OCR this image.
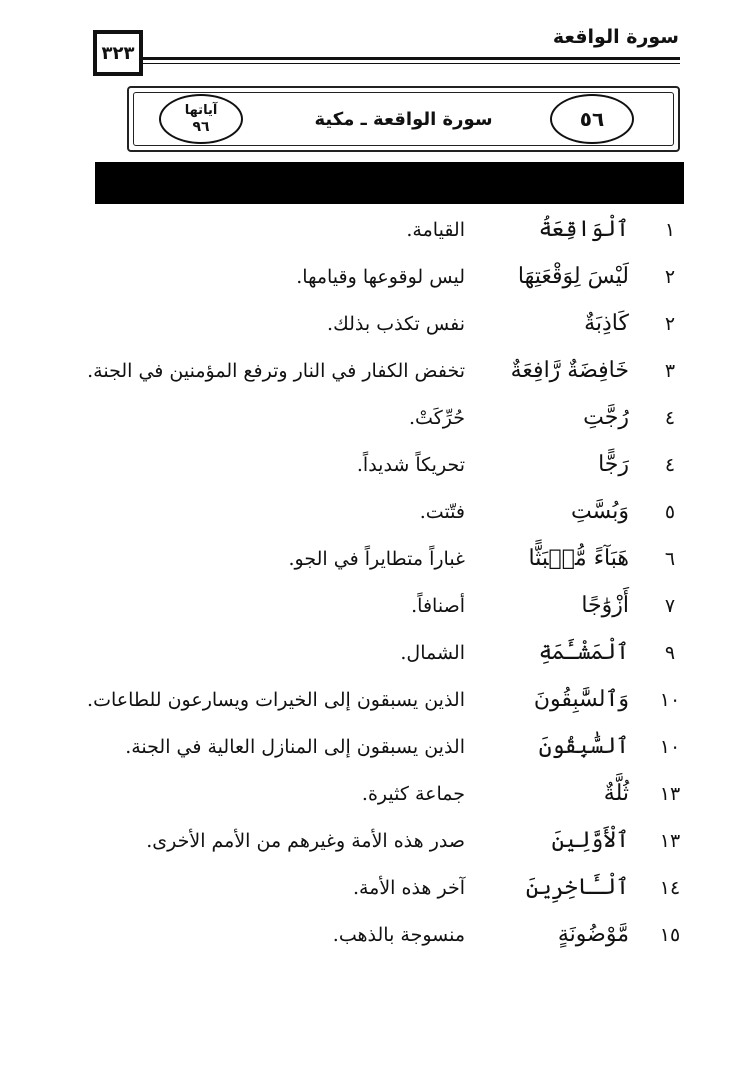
سورة الواقعة
٣٢٣
سورة الواقعة ـ مكية
آياتها
٩٦	٥٦
١
ٱلْوَاقِعَةُ
القيامة.
٢
لَيْسَ لِوَقْعَتِهَا
ليس لوقوعها وقيامها.
٢
كَاذِبَةٌ
نفس تكذب بذلك.
٣
خَافِضَةٌ رَّافِعَةٌ
تخفض الكفار في النار وترفع المؤمنين في الجنة.
٤
رُجَّتِ
حُرِّكَتْ.
٤
رَجًّا
تحريكاً شديداً.
٥
وَبُسَّتِ
فتّتت.
٦
هَبَآءً مُّنۢبَثًّا
غباراً متطايراً في الجو.
٧
أَزْوَٰجًا
أصنافاً.
٩
ٱلْمَشْـَٔمَةِ
الشمال.
١٠
وَٱلسَّٰبِقُونَ
الذين يسبقون إلى الخيرات ويسارعون للطاعات.
١٠
ٱلسَّٰبِقُونَ
الذين يسبقون إلى المنازل العالية في الجنة.
١٣
ثُلَّةٌ
جماعة كثيرة.
١٣
ٱلْأَوَّلِينَ
صدر هذه الأمة وغيرهم من الأمم الأخرى.
١٤
ٱلْـَٔاخِرِينَ
آخر هذه الأمة.
١٥
مَّوْضُونَةٍ
منسوجة بالذهب.
